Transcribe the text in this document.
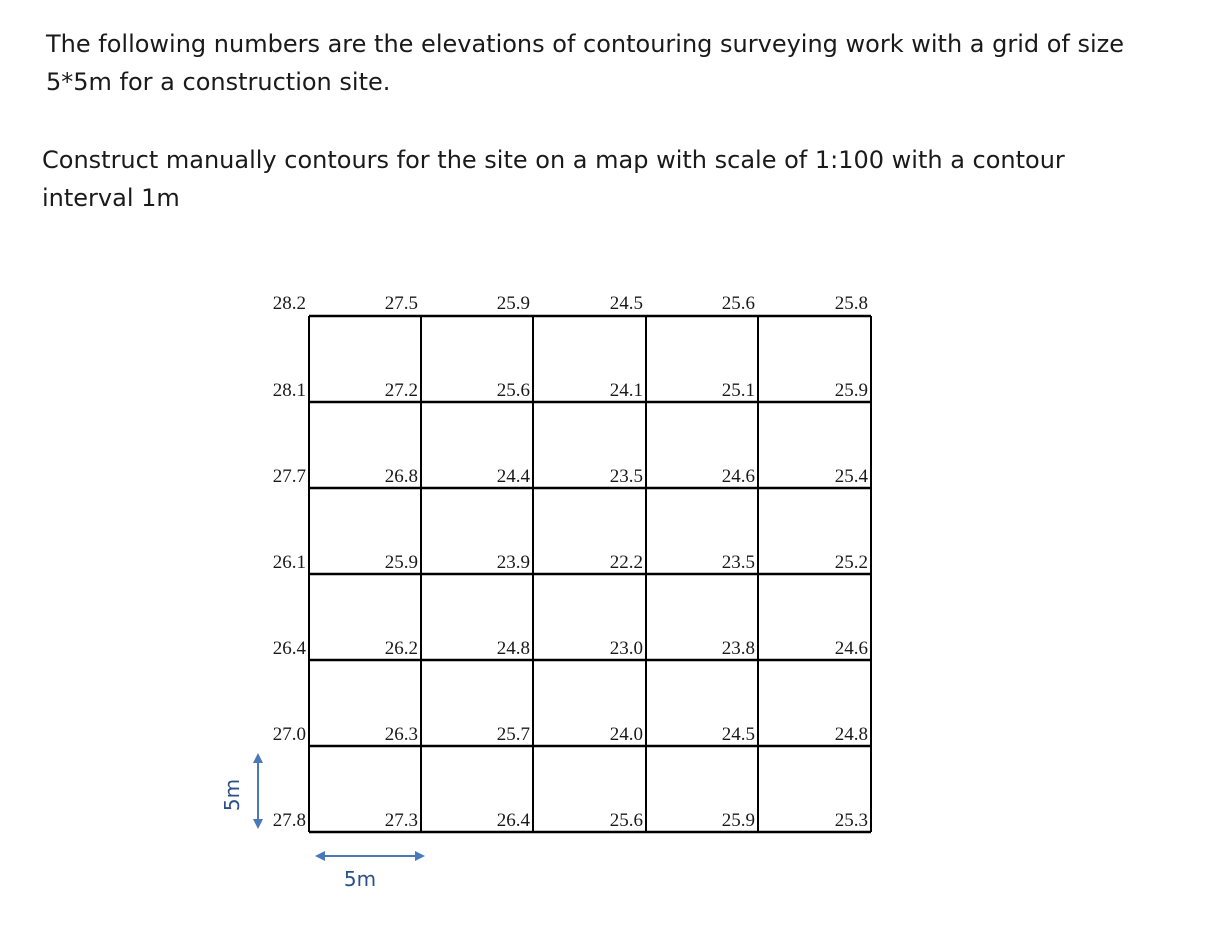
The following numbers are the elevations of contouring surveying work with a grid of size 5*5m for a construction site.

Construct manually contours for the site on a map with scale of 1:100 with a contour interval 1m

28.2	27.5	25.9	24.5	25.6	25.8
28.1	27.2	25.6	24.1	25.1	25.9
27.7	26.8	24.4	23.5	24.6	25.4
26.1	25.9	23.9	22.2	23.5	25.2
26.4	26.2	24.8	23.0	23.8	24.6
27.0	26.3	25.7	24.0	24.5	24.8
27.8	27.3	26.4	25.6	25.9	25.3
5m
5m
